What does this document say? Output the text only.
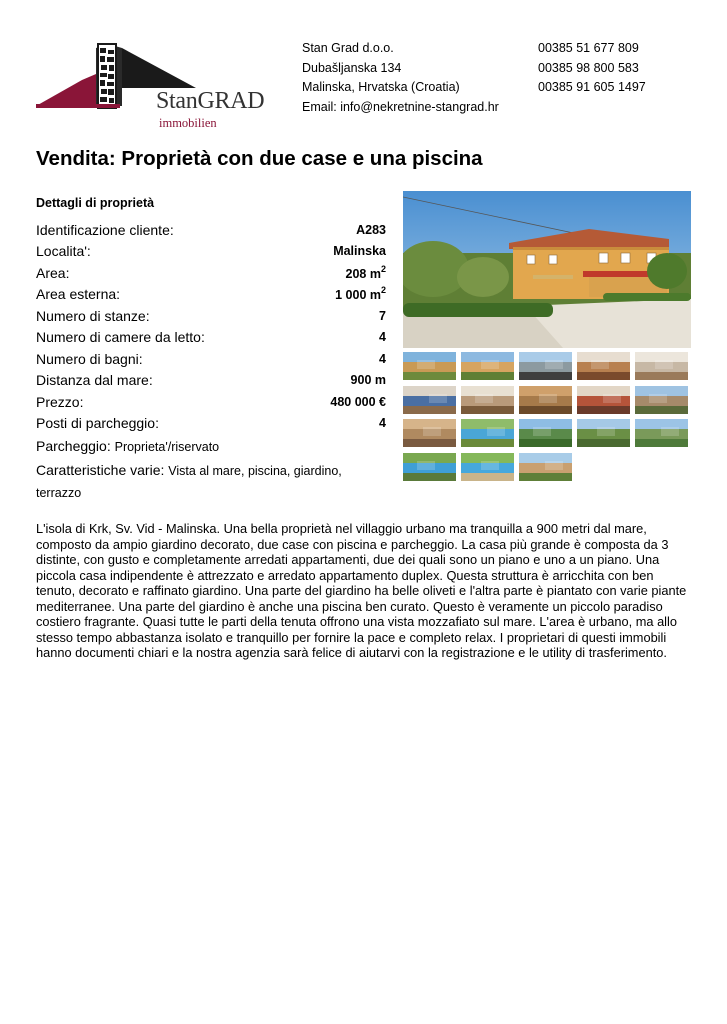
StanGRAD
immobilien
Stan Grad d.o.o.
Dubašljanska 134
Malinska, Hrvatska (Croatia)
Email: info@nekretnine-stangrad.hr
00385 51 677 809
00385 98 800 583
00385 91 605 1497
Vendita: Proprietà con due case e una piscina
Dettagli di proprietà
Identificazione cliente:	A283
Localita':	Malinska
Area:	208 $m^2$
Area esterna:	1 000 $m^2$
Numero di stanze:	7
Numero di camere da letto:	4
Numero di bagni:	4
Distanza dal mare:	900 m
Prezzo:	480 000 €
Posti di parcheggio:	4
Parcheggio: Proprieta'/riservato
Caratteristiche varie: Vista al mare, piscina, giardino,
terrazzo

L'isola di Krk, Sv. Vid - Malinska. Una bella proprietà nel villaggio urbano ma tranquilla a 900 metri dal mare, composto da ampio giardino decorato, due case con piscina e parcheggio. La casa più grande è composta da 3 distinte, con gusto e completamente arredati appartamenti, due dei quali sono un piano e uno a un piano. Una piccola casa indipendente è attrezzato e arredato appartamento duplex. Questa struttura è arricchita con ben tenuto, decorato e raffinato giardino. Una parte del giardino ha belle oliveti e l'altra parte è piantato con varie piante mediterranee. Una parte del giardino è anche una piscina ben curato. Questo è veramente un piccolo paradiso costiero fragrante. Quasi tutte le parti della tenuta offrono una vista mozzafiato sul mare. L'area è urbano, ma allo stesso tempo abbastanza isolato e tranquillo per fornire la pace e completo relax. I proprietari di questi immobili hanno documenti chiari e la nostra agenzia sarà felice di aiutarvi con la registrazione e le utility di trasferimento.
